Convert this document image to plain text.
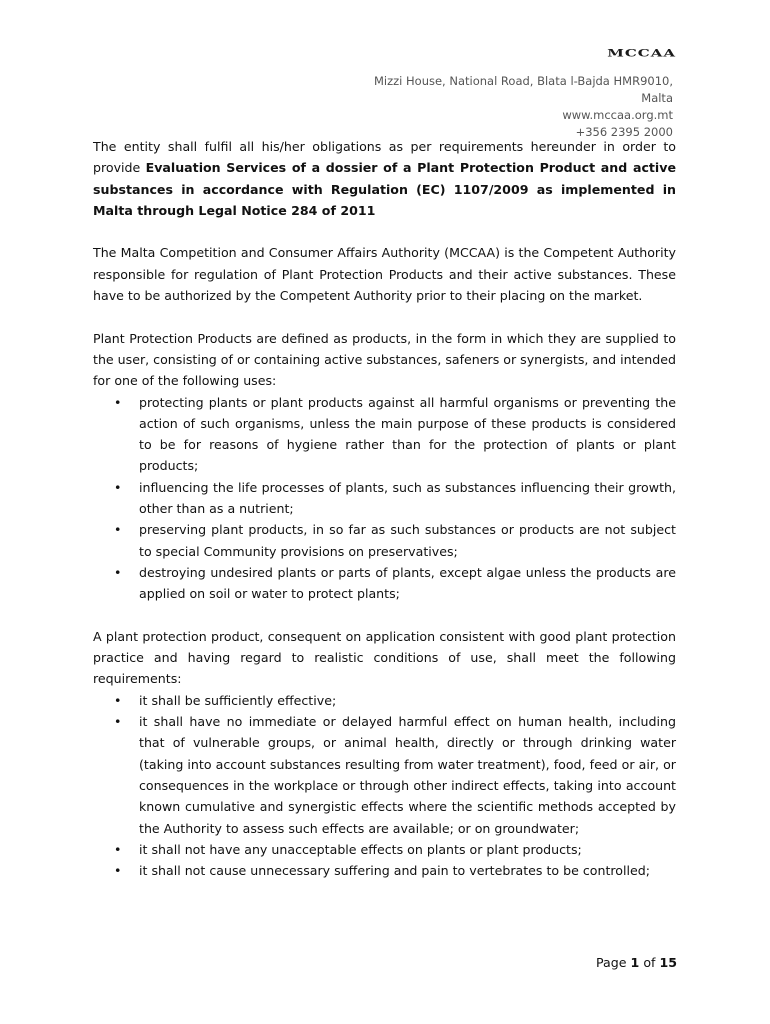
MCCAA
Mizzi House, National Road, Blata l-Bajda HMR9010,
Malta
www.mccaa.org.mt
+356 2395 2000

The entity shall fulfil all his/her obligations as per requirements hereunder in order to provide Evaluation Services of a dossier of a Plant Protection Product and active substances in accordance with Regulation (EC) 1107/2009 as implemented in Malta through Legal Notice 284 of 2011

The Malta Competition and Consumer Affairs Authority (MCCAA) is the Competent Authority responsible for regulation of Plant Protection Products and their active substances. These have to be authorized by the Competent Authority prior to their placing on the market.

Plant Protection Products are defined as products, in the form in which they are supplied to the user, consisting of or containing active substances, safeners or synergists, and intended for one of the following uses:

• protecting plants or plant products against all harmful organisms or preventing the action of such organisms, unless the main purpose of these products is considered to be for reasons of hygiene rather than for the protection of plants or plant products;
• influencing the life processes of plants, such as substances influencing their growth, other than as a nutrient;
• preserving plant products, in so far as such substances or products are not subject to special Community provisions on preservatives;
• destroying undesired plants or parts of plants, except algae unless the products are applied on soil or water to protect plants;

A plant protection product, consequent on application consistent with good plant protection practice and having regard to realistic conditions of use, shall meet the following requirements:

• it shall be sufficiently effective;
• it shall have no immediate or delayed harmful effect on human health, including that of vulnerable groups, or animal health, directly or through drinking water (taking into account substances resulting from water treatment), food, feed or air, or consequences in the workplace or through other indirect effects, taking into account known cumulative and synergistic effects where the scientific methods accepted by the Authority to assess such effects are available; or on groundwater;
• it shall not have any unacceptable effects on plants or plant products;
• it shall not cause unnecessary suffering and pain to vertebrates to be controlled;
Page 1 of 15
